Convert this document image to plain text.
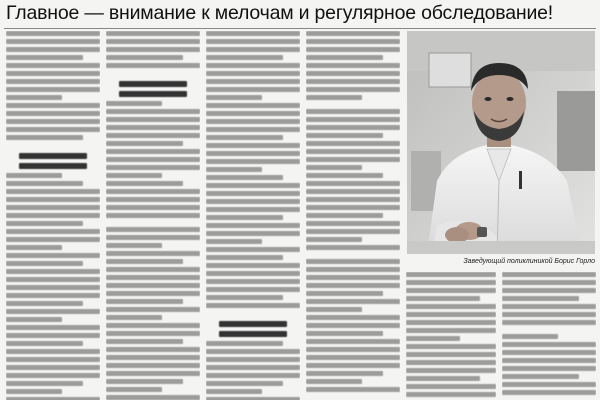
Главное — внимание к мелочам и регулярное обследование!
Заведующий поликлиникой Борис Горло
